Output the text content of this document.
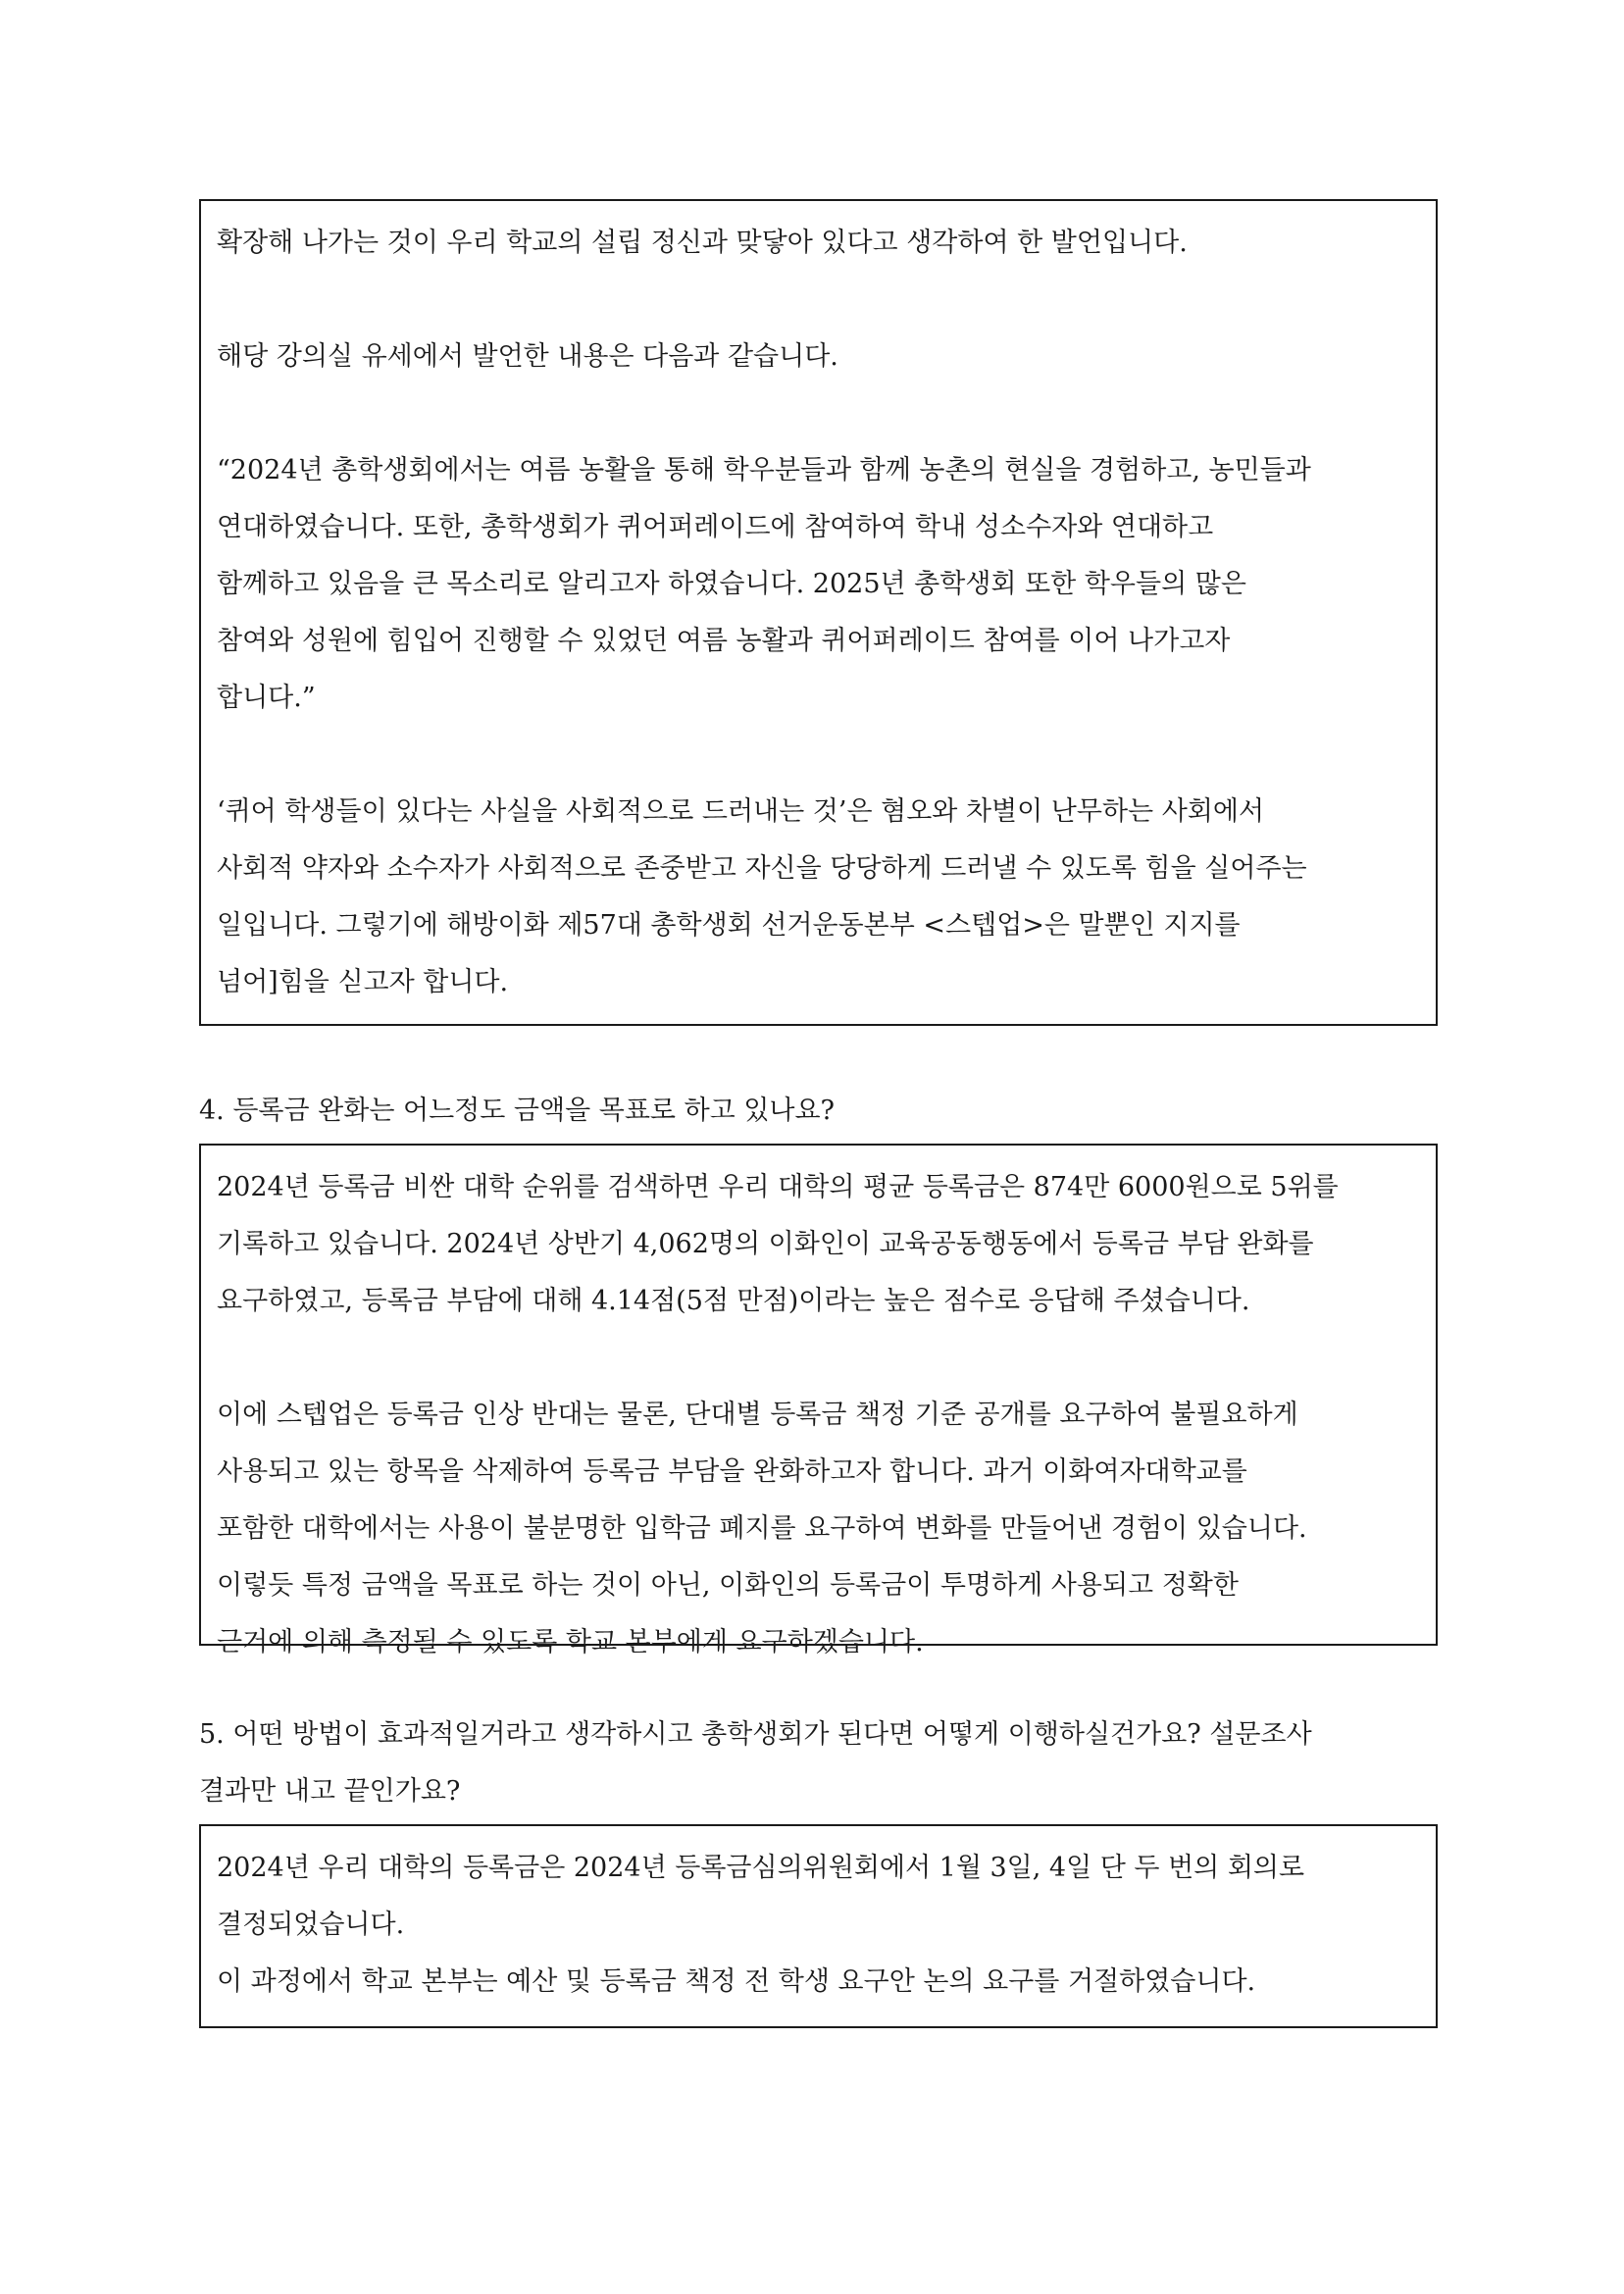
확장해 나가는 것이 우리 학교의 설립 정신과 맞닿아 있다고 생각하여 한 발언입니다.

해당 강의실 유세에서 발언한 내용은 다음과 같습니다.

“2024년 총학생회에서는 여름 농활을 통해 학우분들과 함께 농촌의 현실을 경험하고, 농민들과
연대하였습니다. 또한, 총학생회가 퀴어퍼레이드에 참여하여 학내 성소수자와 연대하고
함께하고 있음을 큰 목소리로 알리고자 하였습니다. 2025년 총학생회 또한 학우들의 많은
참여와 성원에 힘입어 진행할 수 있었던 여름 농활과 퀴어퍼레이드 참여를 이어 나가고자
합니다.”

‘퀴어 학생들이 있다는 사실을 사회적으로 드러내는 것’은 혐오와 차별이 난무하는 사회에서
사회적 약자와 소수자가 사회적으로 존중받고 자신을 당당하게 드러낼 수 있도록 힘을 실어주는
일입니다. 그렇기에 해방이화 제57대 총학생회 선거운동본부 <스텝업>은 말뿐인 지지를
넘어]힘을 싣고자 합니다.

4. 등록금 완화는 어느정도 금액을 목표로 하고 있나요?

2024년 등록금 비싼 대학 순위를 검색하면 우리 대학의 평균 등록금은 874만 6000원으로 5위를
기록하고 있습니다. 2024년 상반기 4,062명의 이화인이 교육공동행동에서 등록금 부담 완화를
요구하였고, 등록금 부담에 대해 4.14점(5점 만점)이라는 높은 점수로 응답해 주셨습니다.

이에 스텝업은 등록금 인상 반대는 물론, 단대별 등록금 책정 기준 공개를 요구하여 불필요하게
사용되고 있는 항목을 삭제하여 등록금 부담을 완화하고자 합니다. 과거 이화여자대학교를
포함한 대학에서는 사용이 불분명한 입학금 폐지를 요구하여 변화를 만들어낸 경험이 있습니다.
이렇듯 특정 금액을 목표로 하는 것이 아닌, 이화인의 등록금이 투명하게 사용되고 정확한
근거에 의해 측정될 수 있도록 학교 본부에게 요구하겠습니다.

5. 어떤 방법이 효과적일거라고 생각하시고 총학생회가 된다면 어떻게 이행하실건가요? 설문조사
결과만 내고 끝인가요?

2024년 우리 대학의 등록금은 2024년 등록금심의위원회에서 1월 3일, 4일 단 두 번의 회의로
결정되었습니다.

이 과정에서 학교 본부는 예산 및 등록금 책정 전 학생 요구안 논의 요구를 거절하였습니다.
